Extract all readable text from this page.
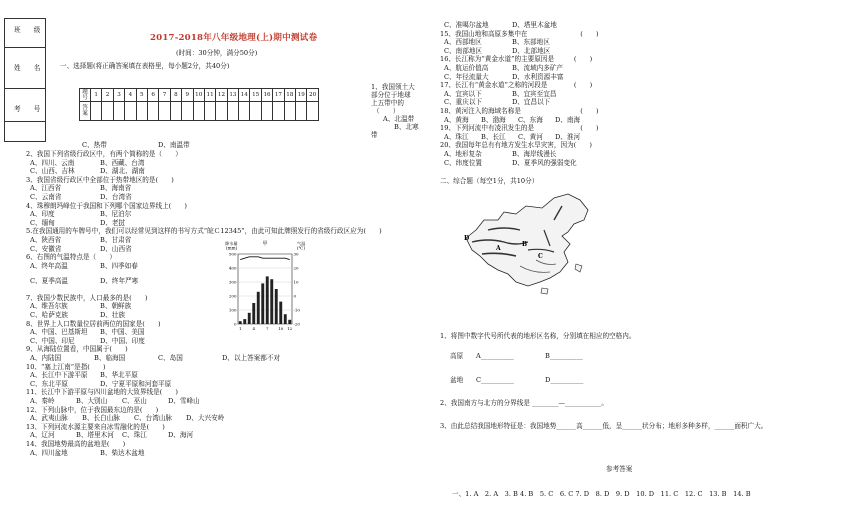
班　　级
姓　　名
考　　号
2017-2018年八年级地理(上)期中测试卷
(时间：30分钟，满分50分)
一、选择题(将正确答案填在表格里，每小题2分，共40分)
题号	1	2	3	4	5	6	7	8	9	10	11	12	13	14	15	16	17	18	19	20
答案																				
1、我国领土大
部分位于地球
上五带中的
（　　）
A、北温带
B、北寒
带
C、热带	D、南温带
2、我国下列省级行政区中，有两个简称的是（　　）
A、四川、云南	B、西藏、台湾
C、山西、吉林	D、湖北、湖南
3、我国省级行政区中全部位于热带地区的是(　　)
A、江西省	B、海南省
C、云南省	D、台湾省
4、珠穆朗玛峰位于我国和下列哪个国家边界线上(　　)
A、印度	B、尼泊尔
C、缅甸	D、老挝
5.在我国通用的车牌号中，我们可以经常见到这样的书写方式“皖Ｃ12345”，由此可知此牌照发行的省级行政区应为(　　)
A、陕西省	B、甘肃省
C、安徽省	D、山西省
6、右图的气温特点是（　　）
A、终年高温	B、四季如春
C、夏季高温	D、终年严寒
7、我国少数民族中，人口最多的是(　　)
A、维吾尔族	B、朝鲜族
C、哈萨克族	D、壮族
8、世界上人口数量位居前两位的国家是(　　)
A、中国、巴基斯坦 B、中国、美国
C、中国、印尼	D、中国、印度
9、从海陆位置看，中国属于(　　)
A、内陆国	B、临海国	C、岛国	D、以上答案都不对
10、“塞上江南”是指(　　)
A、长江中下游平原 B、华北平原
C、东北平原	D、宁夏平原和河套平原
11、长江中下游平原与四川盆地的大致界线是(　　)
A、秦岭	B、大别山 C、巫山	D、雪峰山
12、下列山脉中，位于我国最东边的是(　　)
A、武夷山脉 B、长白山脉 C、台湾山脉 D、大兴安岭
13、下列河流水源主要来自冰雪融化的是(　　)
A、辽河	B、塔里木河 C、珠江	D、海河
14、我国地势最高的盆地是(　　)
A、四川盆地	B、柴达木盆地
甲
降水量(mm)
气温(℃)
500	30
400	20
300	10
200	0
100	-10
0	-20
1	4	7 10 12
C、准噶尔盆地	D、塔里木盆地
15、我国山地和高原多集中在　　　　　　　　(　　)
A、西部地区	B、东部地区
C、南部地区	D、北部地区
16、长江称为“黄金水道”的主要原因是　　　(　　)
A、航运价值高	B、流域内多矿产
C、年径流量大	D、水利资源丰富
17、长江有“黄金水道”之称的河段是　　　　(　　)
A、宜宾以下	B、宜宾至宜昌
C、重庆以下	D、宜昌以下
18、黄河注入的海域名称是　　　　　　　　　(　　)
A、黄海 B、渤海 C、东海 D、南海
19、下列河流中有凌汛发生的是　　　　　　　(　　)
A、珠江 B、长江 C、黄河 D、淮河
20、我国每年总有有地方发生水旱灾害，因为(　　)
A、地形复杂	B、海岸线漫长
C、纬度位置	D、夏季风的强弱变化
二、综合题（每空1分，共10分）
D
B
A
C
1、将图中数字代号所代表的地形区名称，分别填在相应的空格内。
高原 A__________	B__________
盆地 C__________	D__________
2、我国南方与北方的分界线是 ________—___________。
3、由此总结我国地形特征是：我国地势______高______低，呈______状分布；地形多种多样，______面积广大。
参考答案
一、1. A　2. A　3. B 4. B　5. C　6. C 7. D　8. D　9. D　10. D　11. C　12. C　13. B　14. B
